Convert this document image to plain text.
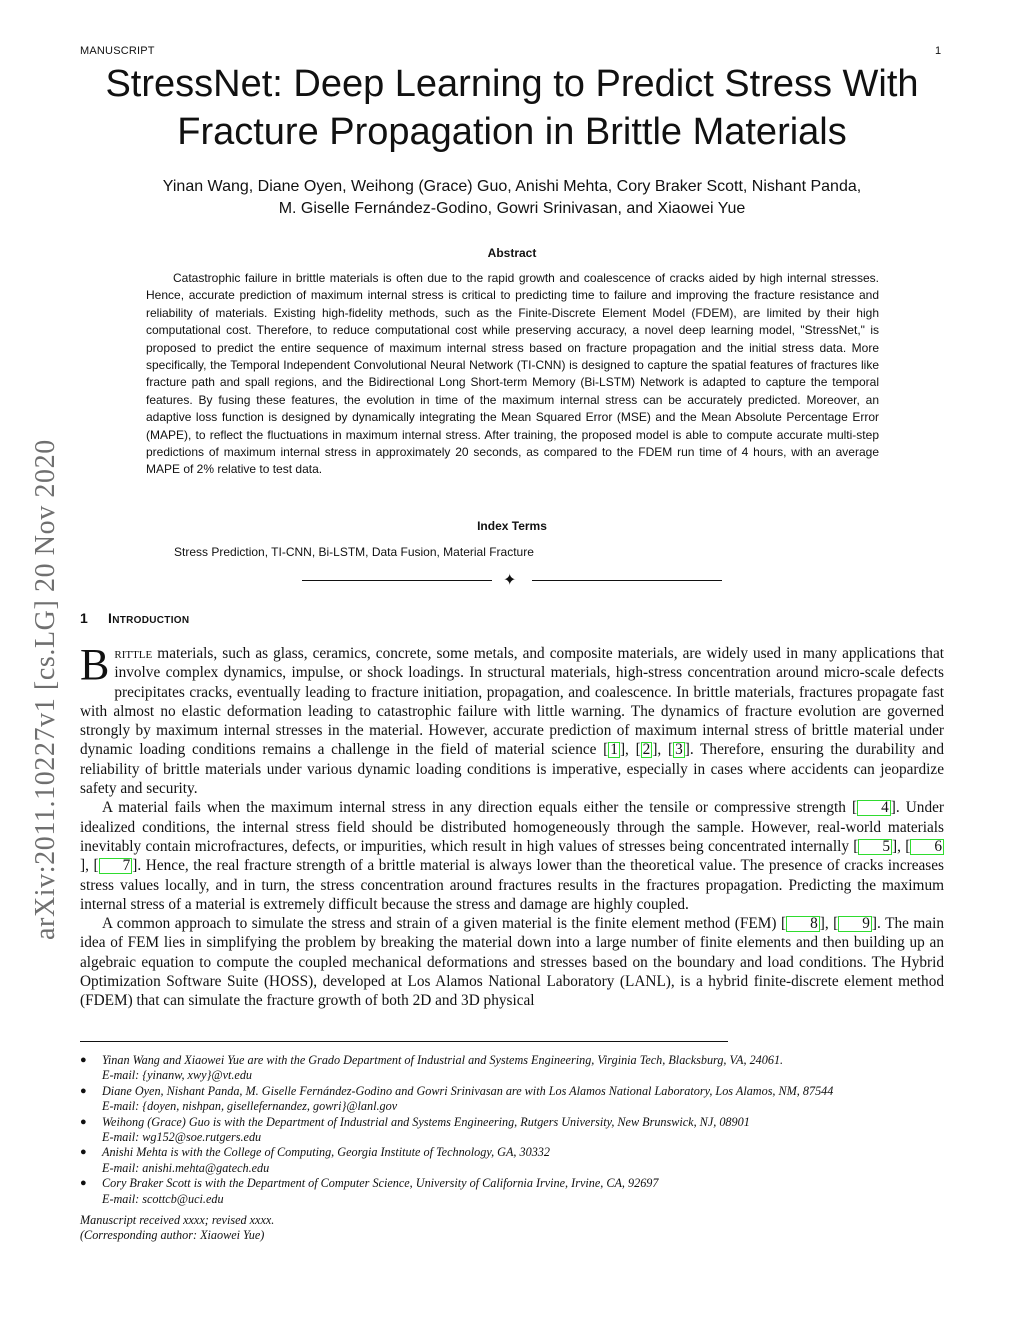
MANUSCRIPT	1
arXiv:2011.10227v1 [cs.LG] 20 Nov 2020
StressNet: Deep Learning to Predict Stress With Fracture Propagation in Brittle Materials
Yinan Wang, Diane Oyen, Weihong (Grace) Guo, Anishi Mehta, Cory Braker Scott, Nishant Panda,
M. Giselle Fernández-Godino, Gowri Srinivasan, and Xiaowei Yue
Abstract

Catastrophic failure in brittle materials is often due to the rapid growth and coalescence of cracks aided by high internal stresses. Hence, accurate prediction of maximum internal stress is critical to predicting time to failure and improving the fracture resistance and reliability of materials. Existing high-fidelity methods, such as the Finite-Discrete Element Model (FDEM), are limited by their high computational cost. Therefore, to reduce computational cost while preserving accuracy, a novel deep learning model, "StressNet," is proposed to predict the entire sequence of maximum internal stress based on fracture propagation and the initial stress data. More specifically, the Temporal Independent Convolutional Neural Network (TI-CNN) is designed to capture the spatial features of fractures like fracture path and spall regions, and the Bidirectional Long Short-term Memory (Bi-LSTM) Network is adapted to capture the temporal features. By fusing these features, the evolution in time of the maximum internal stress can be accurately predicted. Moreover, an adaptive loss function is designed by dynamically integrating the Mean Squared Error (MSE) and the Mean Absolute Percentage Error (MAPE), to reflect the fluctuations in maximum internal stress. After training, the proposed model is able to compute accurate multi-step predictions of maximum internal stress in approximately 20 seconds, as compared to the FDEM run time of 4 hours, with an average MAPE of 2% relative to test data.

Index Terms
Stress Prediction, TI-CNN, Bi-LSTM, Data Fusion, Material Fracture
✦
1 Introduction

Brittle materials, such as glass, ceramics, concrete, some metals, and composite materials, are widely used in many applications that involve complex dynamics, impulse, or shock loadings. In structural materials, high-stress concentration around micro-scale defects precipitates cracks, eventually leading to fracture initiation, propagation, and coalescence. In brittle materials, fractures propagate fast with almost no elastic deformation leading to catastrophic failure with little warning. The dynamics of fracture evolution are governed strongly by maximum internal stresses in the material. However, accurate prediction of maximum internal stress of brittle material under dynamic loading conditions remains a challenge in the field of material science [ 1 ], [ 2 ], [ 3 ]. Therefore, ensuring the durability and reliability of brittle materials under various dynamic loading conditions is imperative, especially in cases where accidents can jeopardize safety and security.

A material fails when the maximum internal stress in any direction equals either the tensile or compressive strength [ 4 ]. Under idealized conditions, the internal stress field should be distributed homogeneously through the sample. However, real-world materials inevitably contain microfractures, defects, or impurities, which result in high values of stresses being concentrated internally [ 5 ], [ 6], [ 7 ]. Hence, the real fracture strength of a brittle material is always lower than the theoretical value. The presence of cracks increases stress values locally, and in turn, the stress concentration around fractures results in the fractures propagation. Predicting the maximum internal stress of a material is extremely difficult because the stress and damage are highly coupled.

A common approach to simulate the stress and strain of a given material is the finite element method (FEM) [ 8 ], [ 9 ]. The main idea of FEM lies in simplifying the problem by breaking the material down into a large number of finite elements and then building up an algebraic equation to compute the coupled mechanical deformations and stresses based on the boundary and load conditions. The Hybrid Optimization Software Suite (HOSS), developed at Los Alamos National Laboratory (LANL), is a hybrid finite-discrete element method (FDEM) that can simulate the fracture growth of both 2D and 3D physical

● Yinan Wang and Xiaowei Yue are with the Grado Department of Industrial and Systems Engineering, Virginia Tech, Blacksburg, VA, 24061.
E-mail: {yinanw, xwy}@vt.edu
● Diane Oyen, Nishant Panda, M. Giselle Fernández-Godino and Gowri Srinivasan are with Los Alamos National Laboratory, Los Alamos, NM, 87544
E-mail: {doyen, nishpan, gisellefernandez, gowri}@lanl.gov
● Weihong (Grace) Guo is with the Department of Industrial and Systems Engineering, Rutgers University, New Brunswick, NJ, 08901
E-mail: wg152@soe.rutgers.edu
● Anishi Mehta is with the College of Computing, Georgia Institute of Technology, GA, 30332
E-mail: anishi.mehta@gatech.edu
● Cory Braker Scott is with the Department of Computer Science, University of California Irvine, Irvine, CA, 92697
E-mail: scottcb@uci.edu
Manuscript received xxxx; revised xxxx.
(Corresponding author: Xiaowei Yue)
